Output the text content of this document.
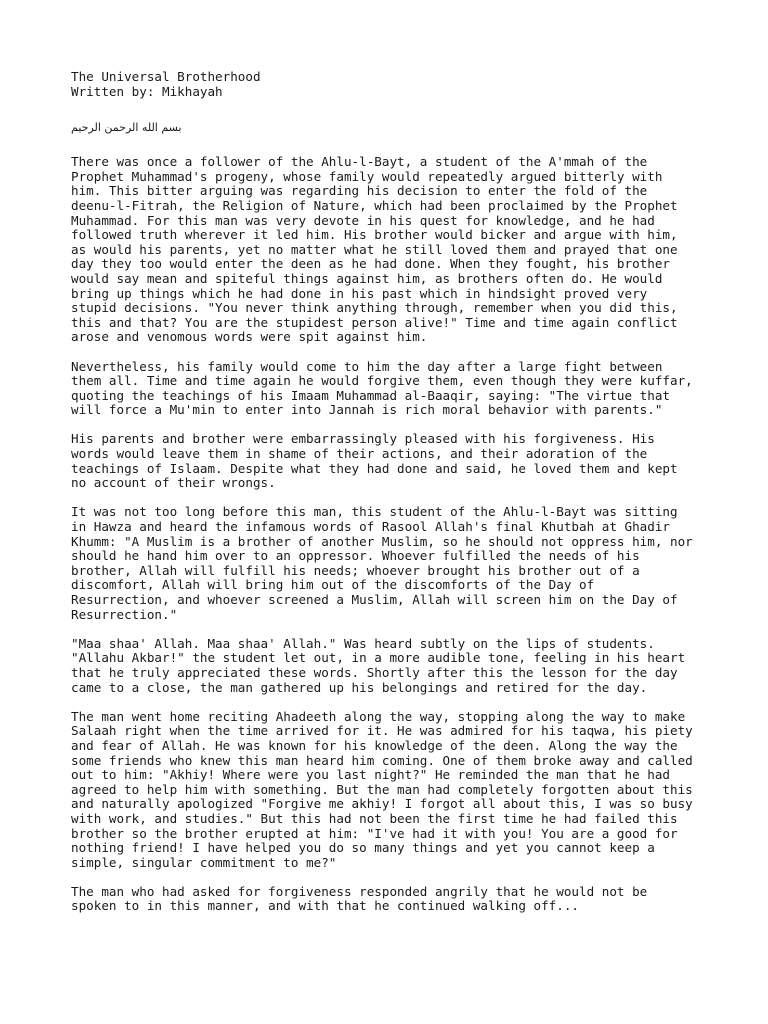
The Universal Brotherhood
Written by: Mikhayah
بسم الله الرحمن الرحيم
There was once a follower of the Ahlu-l-Bayt, a student of the A'mmah of the
Prophet Muhammad's progeny, whose family would repeatedly argued bitterly with
him. This bitter arguing was regarding his decision to enter the fold of the
deenu-l-Fitrah, the Religion of Nature, which had been proclaimed by the Prophet
Muhammad. For this man was very devote in his quest for knowledge, and he had
followed truth wherever it led him. His brother would bicker and argue with him,
as would his parents, yet no matter what he still loved them and prayed that one
day they too would enter the deen as he had done. When they fought, his brother
would say mean and spiteful things against him, as brothers often do. He would
bring up things which he had done in his past which in hindsight proved very
stupid decisions. "You never think anything through, remember when you did this,
this and that? You are the stupidest person alive!" Time and time again conflict
arose and venomous words were spit against him.
Nevertheless, his family would come to him the day after a large fight between
them all. Time and time again he would forgive them, even though they were kuffar,
quoting the teachings of his Imaam Muhammad al-Baaqir, saying: "The virtue that
will force a Mu'min to enter into Jannah is rich moral behavior with parents."
His parents and brother were embarrassingly pleased with his forgiveness. His
words would leave them in shame of their actions, and their adoration of the
teachings of Islaam. Despite what they had done and said, he loved them and kept
no account of their wrongs.
It was not too long before this man, this student of the Ahlu-l-Bayt was sitting
in Hawza and heard the infamous words of Rasool Allah's final Khutbah at Ghadir
Khumm: "A Muslim is a brother of another Muslim, so he should not oppress him, nor
should he hand him over to an oppressor. Whoever fulfilled the needs of his
brother, Allah will fulfill his needs; whoever brought his brother out of a
discomfort, Allah will bring him out of the discomforts of the Day of
Resurrection, and whoever screened a Muslim, Allah will screen him on the Day of
Resurrection."
"Maa shaa' Allah. Maa shaa' Allah." Was heard subtly on the lips of students.
"Allahu Akbar!" the student let out, in a more audible tone, feeling in his heart
that he truly appreciated these words. Shortly after this the lesson for the day
came to a close, the man gathered up his belongings and retired for the day.
The man went home reciting Ahadeeth along the way, stopping along the way to make
Salaah right when the time arrived for it. He was admired for his taqwa, his piety
and fear of Allah. He was known for his knowledge of the deen. Along the way the
some friends who knew this man heard him coming. One of them broke away and called
out to him: "Akhiy! Where were you last night?" He reminded the man that he had
agreed to help him with something. But the man had completely forgotten about this
and naturally apologized "Forgive me akhiy! I forgot all about this, I was so busy
with work, and studies." But this had not been the first time he had failed this
brother so the brother erupted at him: "I've had it with you! You are a good for
nothing friend! I have helped you do so many things and yet you cannot keep a
simple, singular commitment to me?"
The man who had asked for forgiveness responded angrily that he would not be
spoken to in this manner, and with that he continued walking off...
